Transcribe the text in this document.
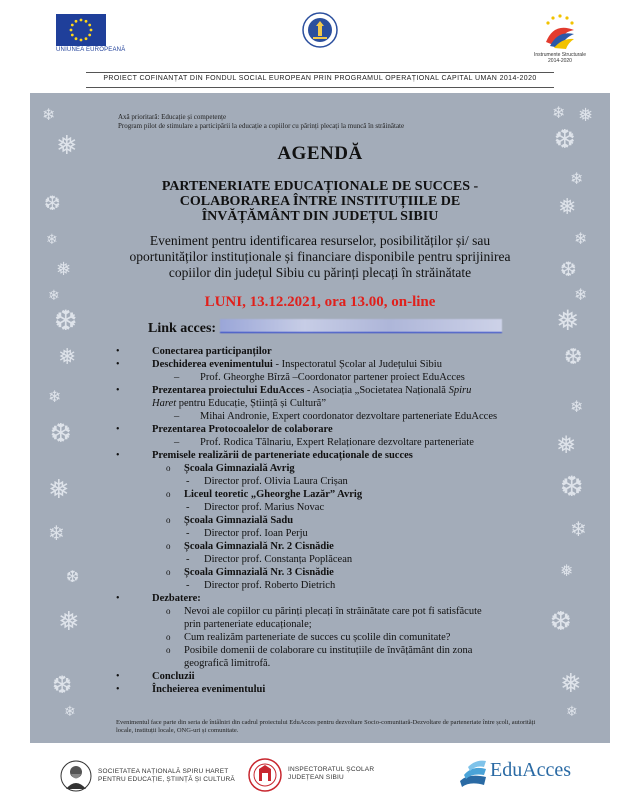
UNIUNEA EUROPEANĂ
Instrumente Structurale
2014-2020
PROIECT COFINANȚAT DIN FONDUL SOCIAL EUROPEAN PRIN PROGRAMUL OPERAȚIONAL CAPITAL UMAN 2014-2020
❄
❅
❆
❄
❅
❄
❆
❅
❄
❆
❅
❄
❆
❅
❆
❄
❄ ❅
❆
❄
❅
❄
❆
❄
❅
❆
❄
❅
❆
❄
❅
❆
❅
❄
Axă prioritară: Educație și competențe
Program pilot de stimulare a participării la educație a copiilor cu părinți plecați la muncă în străinătate
AGENDĂ
PARTENERIATE EDUCAȚIONALE DE SUCCES -
COLABORAREA ÎNTRE INSTITUȚIILE DE
ÎNVĂȚĂMÂNT DIN JUDEȚUL SIBIU
Eveniment pentru identificarea resurselor, posibilităților și/ sau
oportunităților instituționale și financiare disponibile pentru sprijinirea
copiilor din județul Sibiu cu părinți plecați în străinătate
LUNI, 13.12.2021, ora 13.00, on-line
Link acces:
•	Conectarea participanților
•	Deschiderea evenimentului - Inspectoratul Școlar al Județului Sibiu
– Prof. Gheorghe Bîrză –Coordonator partener proiect EduAcces
•	Prezentarea proiectului EduAcces - Asociația „Societatea Națională Spiru
Haret pentru Educație, Știință și Cultură”
– Mihai Andronie, Expert coordonator dezvoltare parteneriate EduAcces
•	Prezentarea Protocoalelor de colaborare
– Prof. Rodica Tălnariu, Expert Relaționare dezvoltare parteneriate
•	Premisele realizării de parteneriate educaționale de succes
o Școala Gimnazială Avrig
- Director prof. Olivia Laura Crișan
o Liceul teoretic „Gheorghe Lazăr” Avrig
- Director prof. Marius Novac
o Școala Gimnazială Sadu
- Director prof. Ioan Perju
o Școala Gimnazială Nr. 2 Cisnădie
- Director prof. Constanța Poplăcean
o Școala Gimnazială Nr. 3 Cisnădie
- Director prof. Roberto Dietrich
•	Dezbatere:
o Nevoi ale copiilor cu părinți plecați în străinătate care pot fi satisfăcute prin parteneriate educaționale;
o Cum realizăm parteneriate de succes cu școlile din comunitate?
o Posibile domenii de colaborare cu instituțiile de învățământ din zona geografică limitrofă.
•	Concluzii
•	Încheierea evenimentului
Evenimentul face parte din seria de întâlniri din cadrul proiectului EduAcces pentru dezvoltare Socio-comunitară-Dezvoltare de parteneriate între școli, autorități locale, instituții locale, ONG-uri și comunitate.
SOCIETATEA NAȚIONALĂ SPIRU HARET
PENTRU EDUCAȚIE, ȘTIINȚĂ ȘI CULTURĂ
INSPECTORATUL ȘCOLAR
JUDEȚEAN SIBIU	EduAcces
